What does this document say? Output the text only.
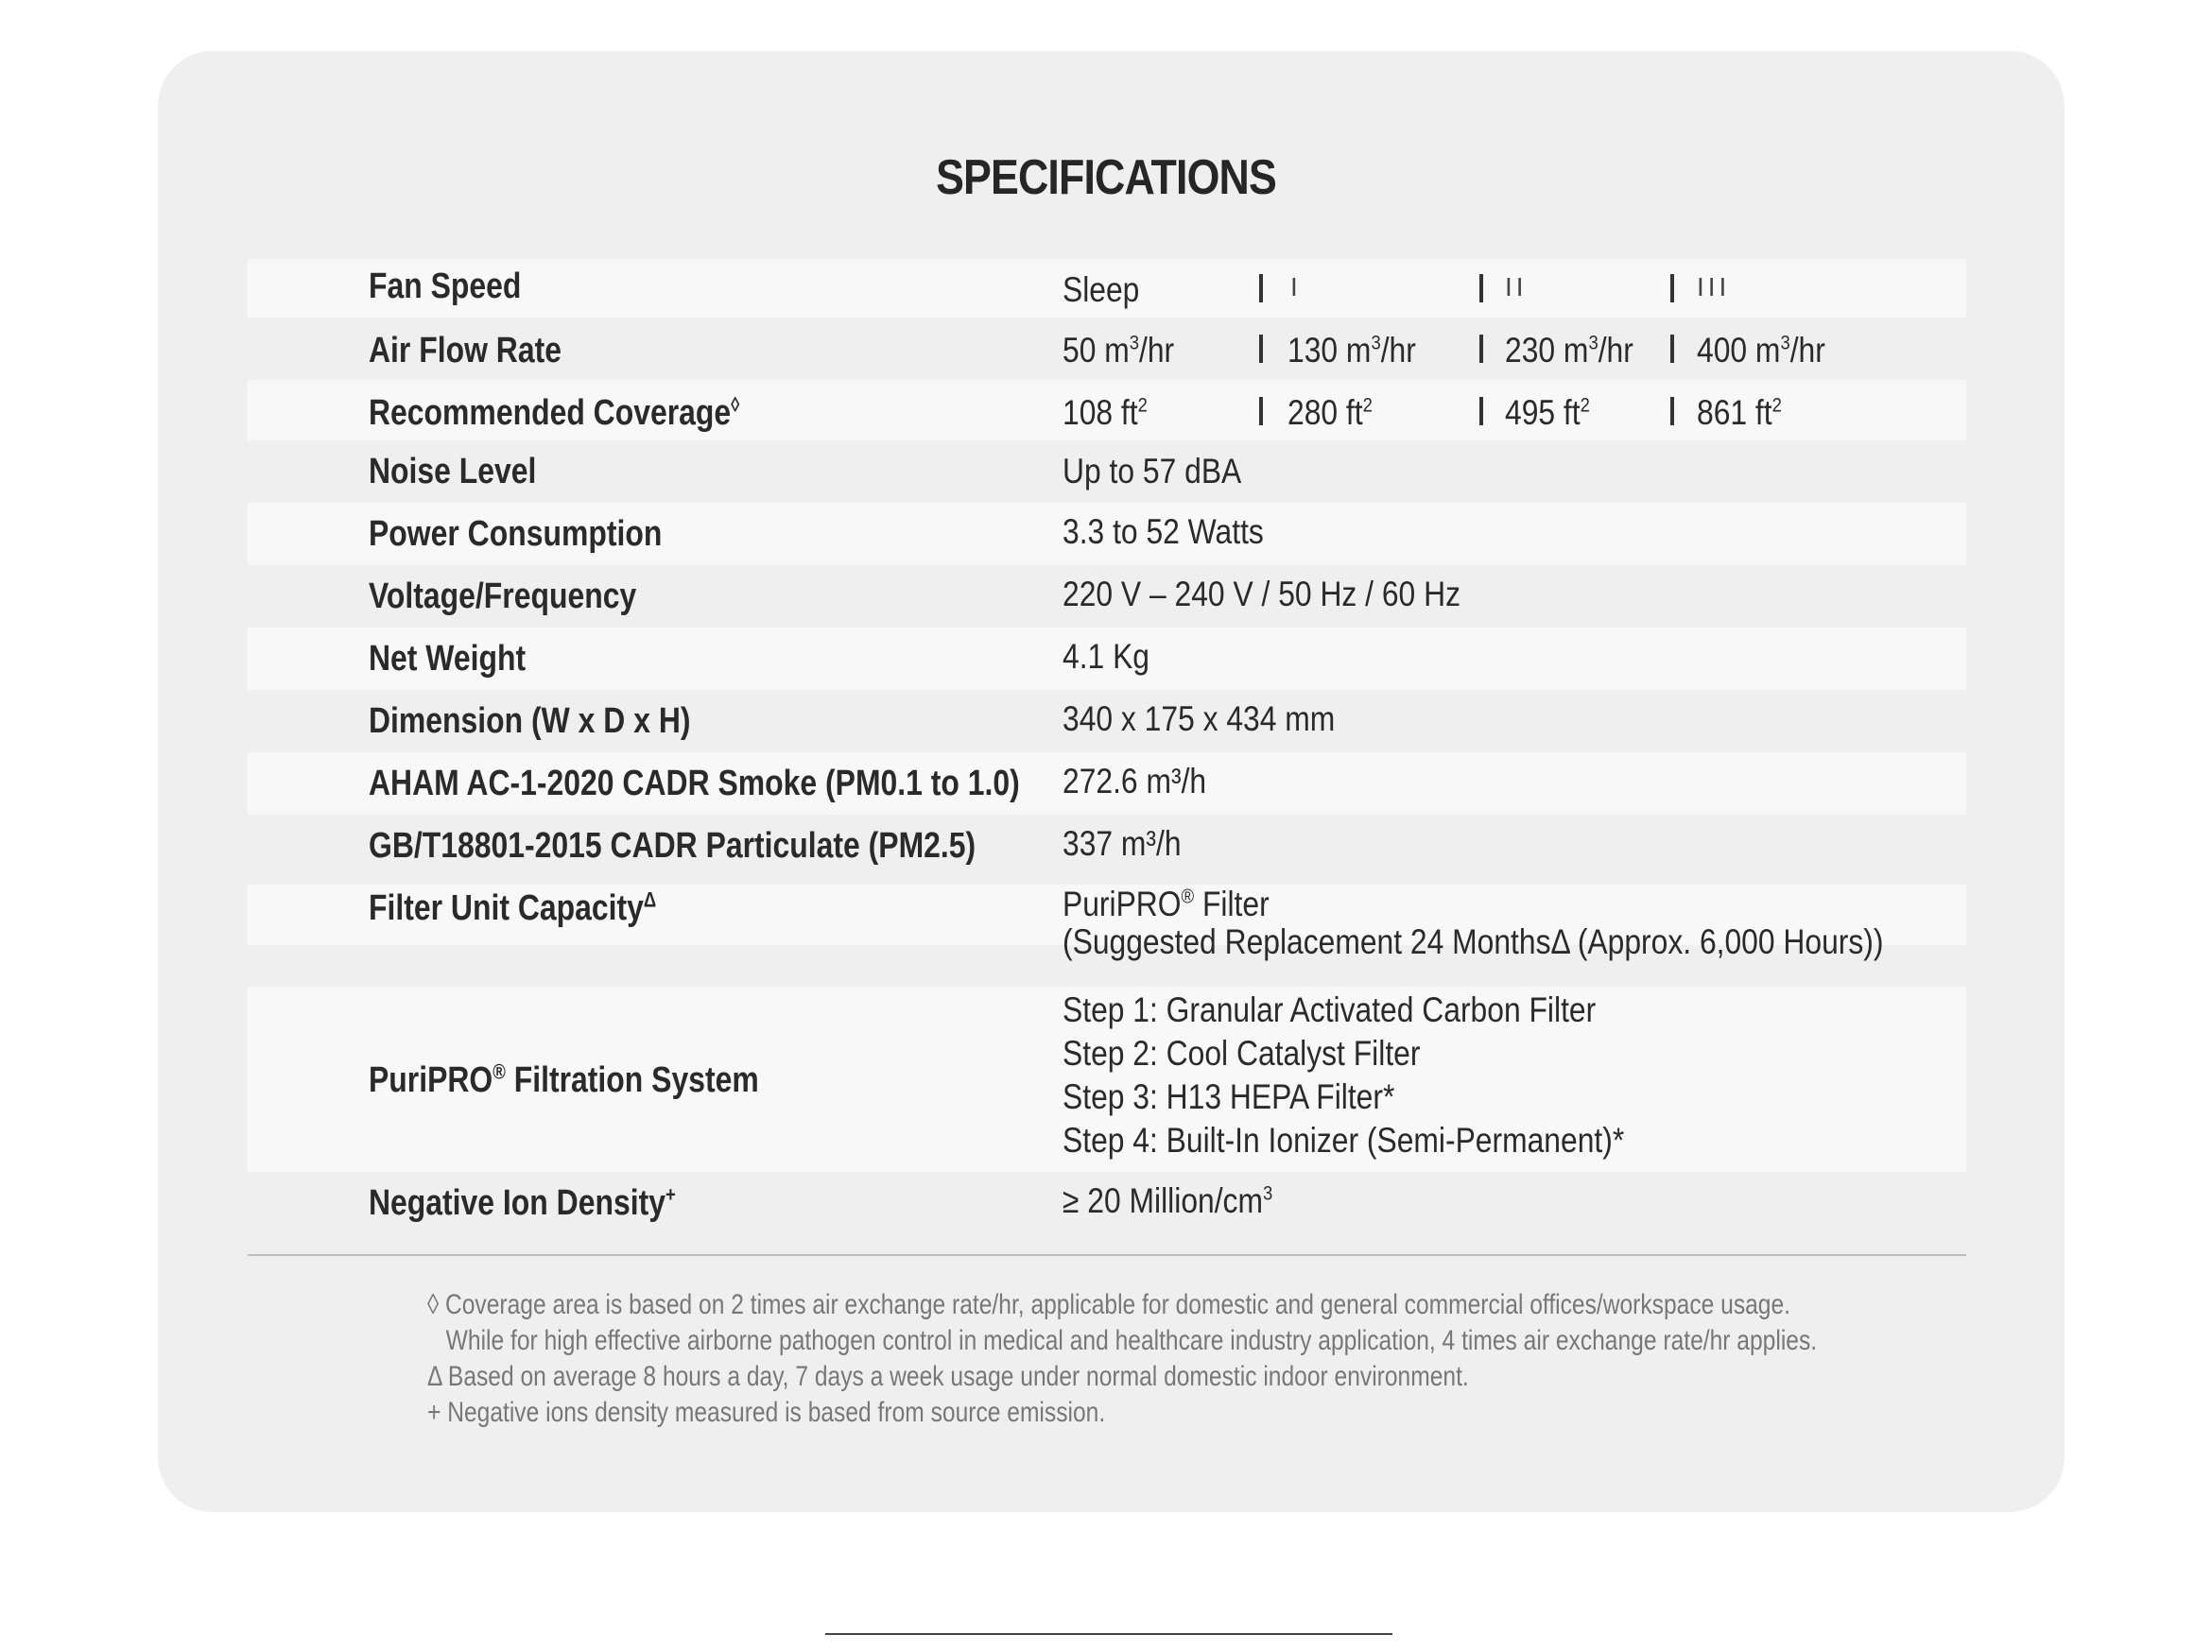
SPECIFICATIONS
Fan Speed	Sleep	I	II	III
Air Flow Rate	50 $m^3/hr$	130 $m^3/hr$	230 $m^3/hr$ 400 $m^3/hr$
Recommended Coverage◊	108 $ft^2$	280 $ft^2$	495 $ft^2$	861 $ft^2$
Noise Level	Up to 57 dBA
Power Consumption	3.3 to 52 Watts
Voltage/Frequency	220 V – 240 V / 50 Hz / 60 Hz
Net Weight	4.1 Kg
Dimension (W x D x H)	340 x 175 x 434 mm
AHAM AC-1-2020 CADR Smoke (PM0.1 to 1.0) 272.6 m³/h
GB/T18801-2015 CADR Particulate (PM2.5) 337 m³/h
Filter Unit Capacity$^\Delta$	PuriPRO® Filter
(Suggested Replacement 24 MonthsΔ (Approx. 6,000 Hours))
PuriPRO® Filtration System
Step 1: Granular Activated Carbon Filter
Step 2: Cool Catalyst Filter
Step 3: H13 HEPA Filter*
Step 4: Built-In Ionizer (Semi-Permanent)*
Negative Ion Density+	≥ 20 Million/$cm^3$
◊ Coverage area is based on 2 times air exchange rate/hr, applicable for domestic and general commercial offices/workspace usage.
While for high effective airborne pathogen control in medical and healthcare industry application, 4 times air exchange rate/hr applies.
Δ Based on average 8 hours a day, 7 days a week usage under normal domestic indoor environment.
+ Negative ions density measured is based from source emission.
